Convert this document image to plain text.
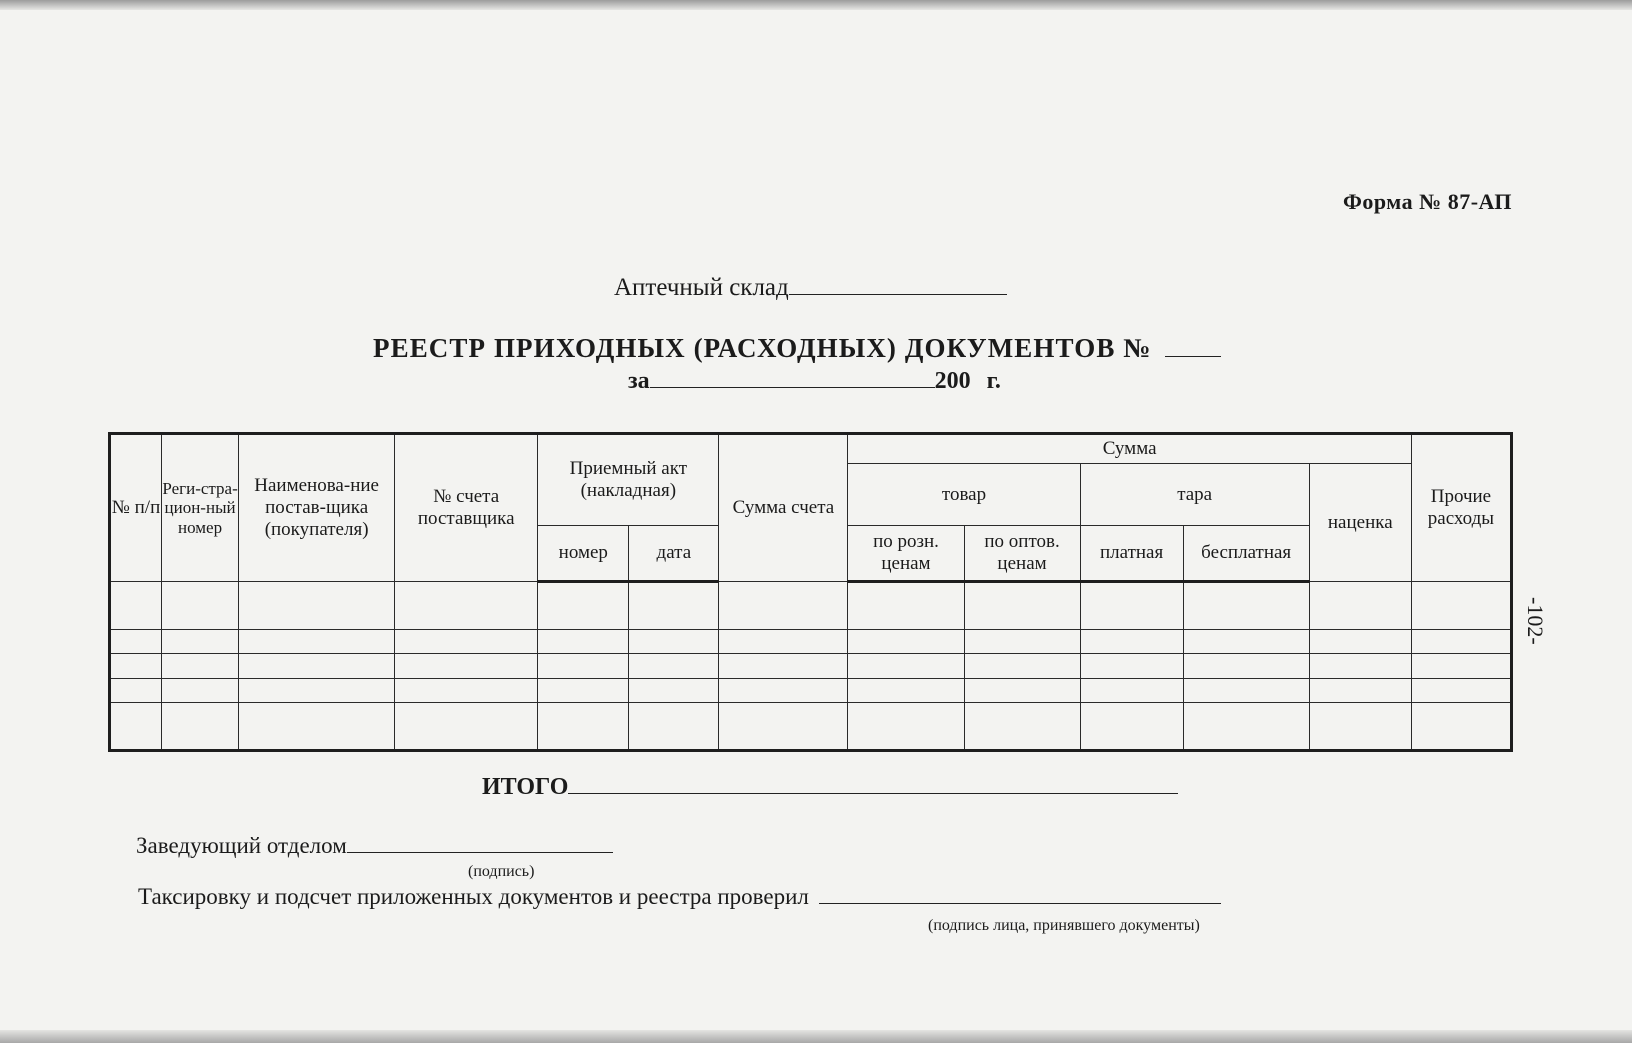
Форма № 87-АП
Аптечный склад
РЕЕСТР ПРИХОДНЫХ (РАСХОДНЫХ) ДОКУМЕНТОВ №
за	200 г.
№ п/п	Реги-стра-цион-ный номер	Наименова-ние постав-щика (покупателя)	№ счета поставщика	Приемный акт (накладная)		Сумма счета	Сумма					Прочие расходы
							товар		тара		наценка	
				номер	дата		по розн. ценам	по оптов. ценам	платная	бесплатная		

ИТОГО
Заведующий отделом
(подпись)
Таксировку и подсчет приложенных документов и реестра проверил
(подпись лица, принявшего документы)
-102-
